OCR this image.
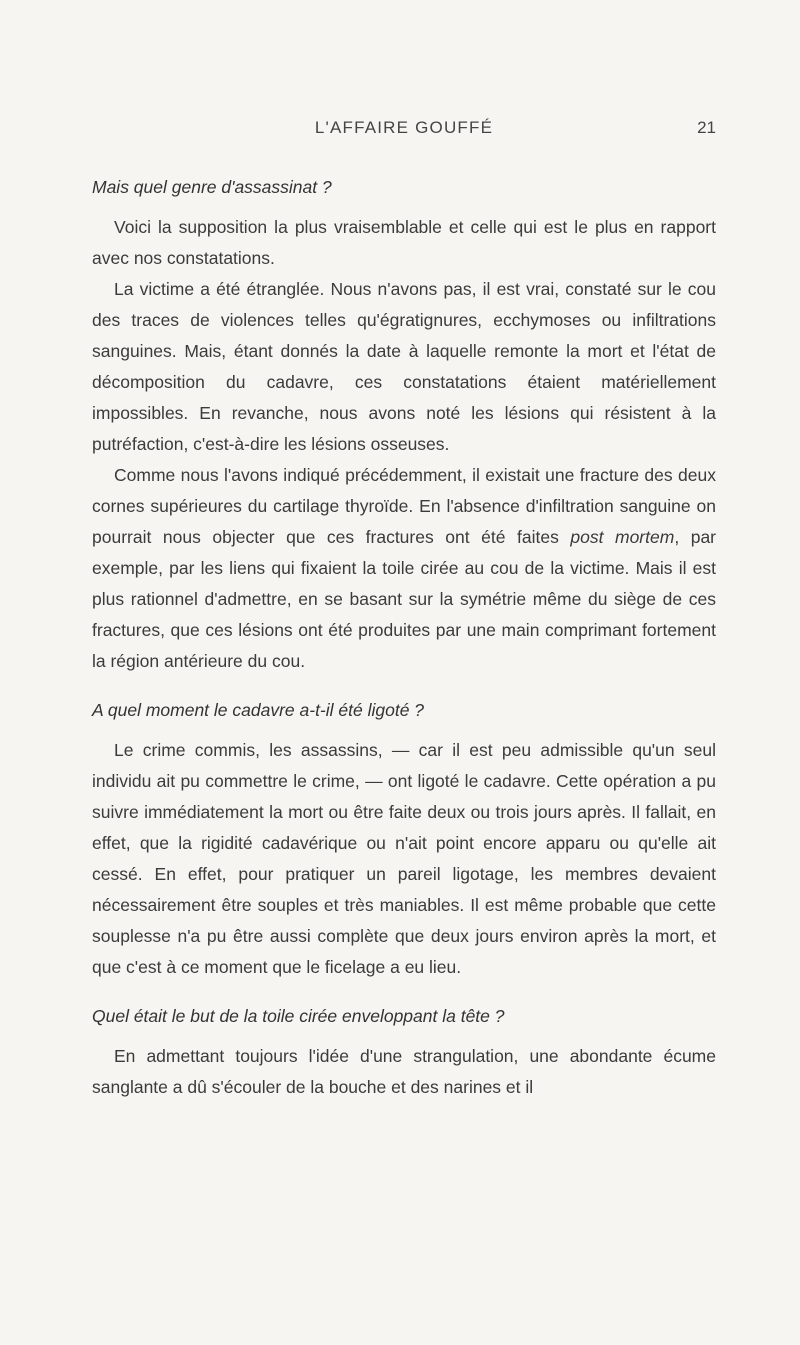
L'AFFAIRE GOUFFÉ	21

Mais quel genre d'assassinat ?

Voici la supposition la plus vraisemblable et celle qui est le plus en rapport avec nos constatations.

La victime a été étranglée. Nous n'avons pas, il est vrai, constaté sur le cou des traces de violences telles qu'égratignures, ecchymoses ou infiltrations sanguines. Mais, étant donnés la date à laquelle remonte la mort et l'état de décomposition du cadavre, ces constatations étaient matériellement impossibles. En revanche, nous avons noté les lésions qui résistent à la putréfaction, c'est-à-dire les lésions osseuses.

Comme nous l'avons indiqué précédemment, il existait une fracture des deux cornes supérieures du cartilage thyroïde. En l'absence d'infiltration sanguine on pourrait nous objecter que ces fractures ont été faites post mortem, par exemple, par les liens qui fixaient la toile cirée au cou de la victime. Mais il est plus rationnel d'admettre, en se basant sur la symétrie même du siège de ces fractures, que ces lésions ont été produites par une main comprimant fortement la région antérieure du cou.

A quel moment le cadavre a-t-il été ligoté ?

Le crime commis, les assassins, — car il est peu admissible qu'un seul individu ait pu commettre le crime, — ont ligoté le cadavre. Cette opération a pu suivre immédiatement la mort ou être faite deux ou trois jours après. Il fallait, en effet, que la rigidité cadavérique ou n'ait point encore apparu ou qu'elle ait cessé. En effet, pour pratiquer un pareil ligotage, les membres devaient nécessairement être souples et très maniables. Il est même probable que cette souplesse n'a pu être aussi complète que deux jours environ après la mort, et que c'est à ce moment que le ficelage a eu lieu.

Quel était le but de la toile cirée enveloppant la tête ?

En admettant toujours l'idée d'une strangulation, une abondante écume sanglante a dû s'écouler de la bouche et des narines et il
